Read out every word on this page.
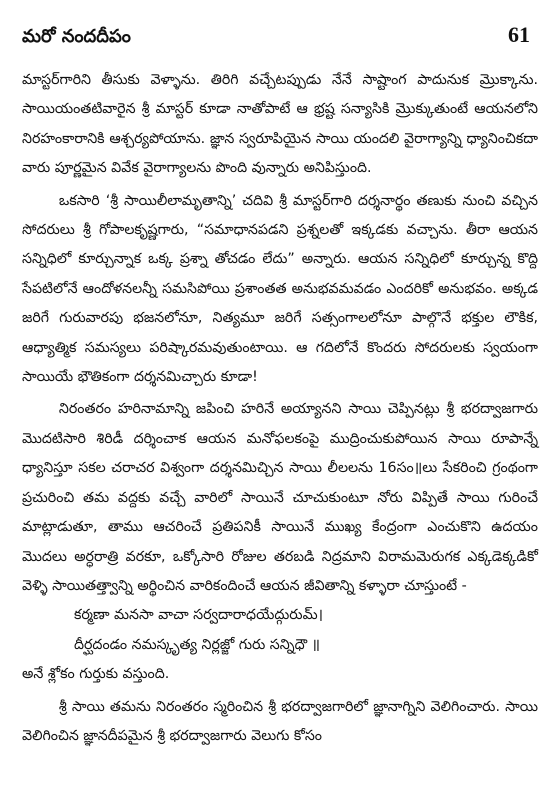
మరో నందదీపం	61

మాస్టర్‌గారిని తీసుకు వెళ్ళాను. తిరిగి వచ్చేటప్పుడు నేనే సాష్టాంగ పాదునుక మ్రొక్కాను. సాయియంతటివారైన శ్రీ మాస్టర్ కూడా నాతోపాటే ఆ భ్రష్ట సన్యాసికి మ్రొక్కుతుంటే ఆయనలోని నిరహంకారానికి ఆశ్చర్యపోయాను. జ్ఞాన స్వరూపియైన సాయి యందలి వైరాగ్యాన్ని ధ్యానించికదా వారు పూర్ణమైన వివేక వైరాగ్యాలను పొంది వున్నారు అనిపిస్తుంది.

ఒకసారి ‘శ్రీ సాయిలీలామృతాన్ని’ చదివి శ్రీ మాస్టర్‌గారి దర్శనార్థం తణుకు నుంచి వచ్చిన సోదరులు శ్రీ గోపాలకృష్ణగారు, “సమాధానపడని ప్రశ్నలతో ఇక్కడకు వచ్చాను. తీరా ఆయన సన్నిధిలో కూర్చున్నాక ఒక్క ప్రశ్నా తోచడం లేదు” అన్నారు. ఆయన సన్నిధిలో కూర్చున్న కొద్ది సేపటిలోనే ఆందోళనలన్నీ సమసిపోయి ప్రశాంతత అనుభవమవడం ఎందరికో అనుభవం. అక్కడ జరిగే గురువారపు భజనలోనూ, నిత్యమూ జరిగే సత్సంగాలలోనూ పాల్గొనే భక్తుల లౌకిక, ఆధ్యాత్మిక సమస్యలు పరిష్కారమవుతుంటాయి. ఆ గదిలోనే కొందరు సోదరులకు స్వయంగా సాయియే భౌతికంగా దర్శనమిచ్చారు కూడా!

నిరంతరం హరినామాన్ని జపించి హరినే అయ్యానని సాయి చెప్పినట్లు శ్రీ భరద్వాజగారు మొదటిసారి శిరిడీ దర్శించాక ఆయన మనోఫలకంపై ముద్రించుకుపోయిన సాయి రూపాన్నే ధ్యానిస్తూ సకల చరాచర విశ్వంగా దర్శనమిచ్చిన సాయి లీలలను 16సం॥లు సేకరించి గ్రంథంగా ప్రచురించి తమ వద్దకు వచ్చే వారిలో సాయినే చూచుకుంటూ నోరు విప్పితే సాయి గురించే మాట్లాడుతూ, తాము ఆచరించే ప్రతిపనికీ సాయినే ముఖ్య కేంద్రంగా ఎంచుకొని ఉదయం మొదలు అర్ధరాత్రి వరకూ, ఒక్కోసారి రోజుల తరబడి నిద్రమాని విరామమెరుగక ఎక్కడెక్కడికో వెళ్ళి సాయితత్త్వాన్ని అర్థించిన వారికందించే ఆయన జీవితాన్ని కళ్ళారా చూస్తుంటే -

కర్మణా మనసా వాచా సర్వదారాధయేద్గురుమ్।

దీర్ఘదండం నమస్కృత్య నిర్లజ్జో గురు సన్నిధౌ ॥

అనే శ్లోకం గుర్తుకు వస్తుంది.

శ్రీ సాయి తమను నిరంతరం స్మరించిన శ్రీ భరద్వాజగారిలో జ్ఞానాగ్నిని వెలిగించారు. సాయి వెలిగించిన జ్ఞానదీపమైన శ్రీ భరద్వాజగారు వెలుగు కోసం
